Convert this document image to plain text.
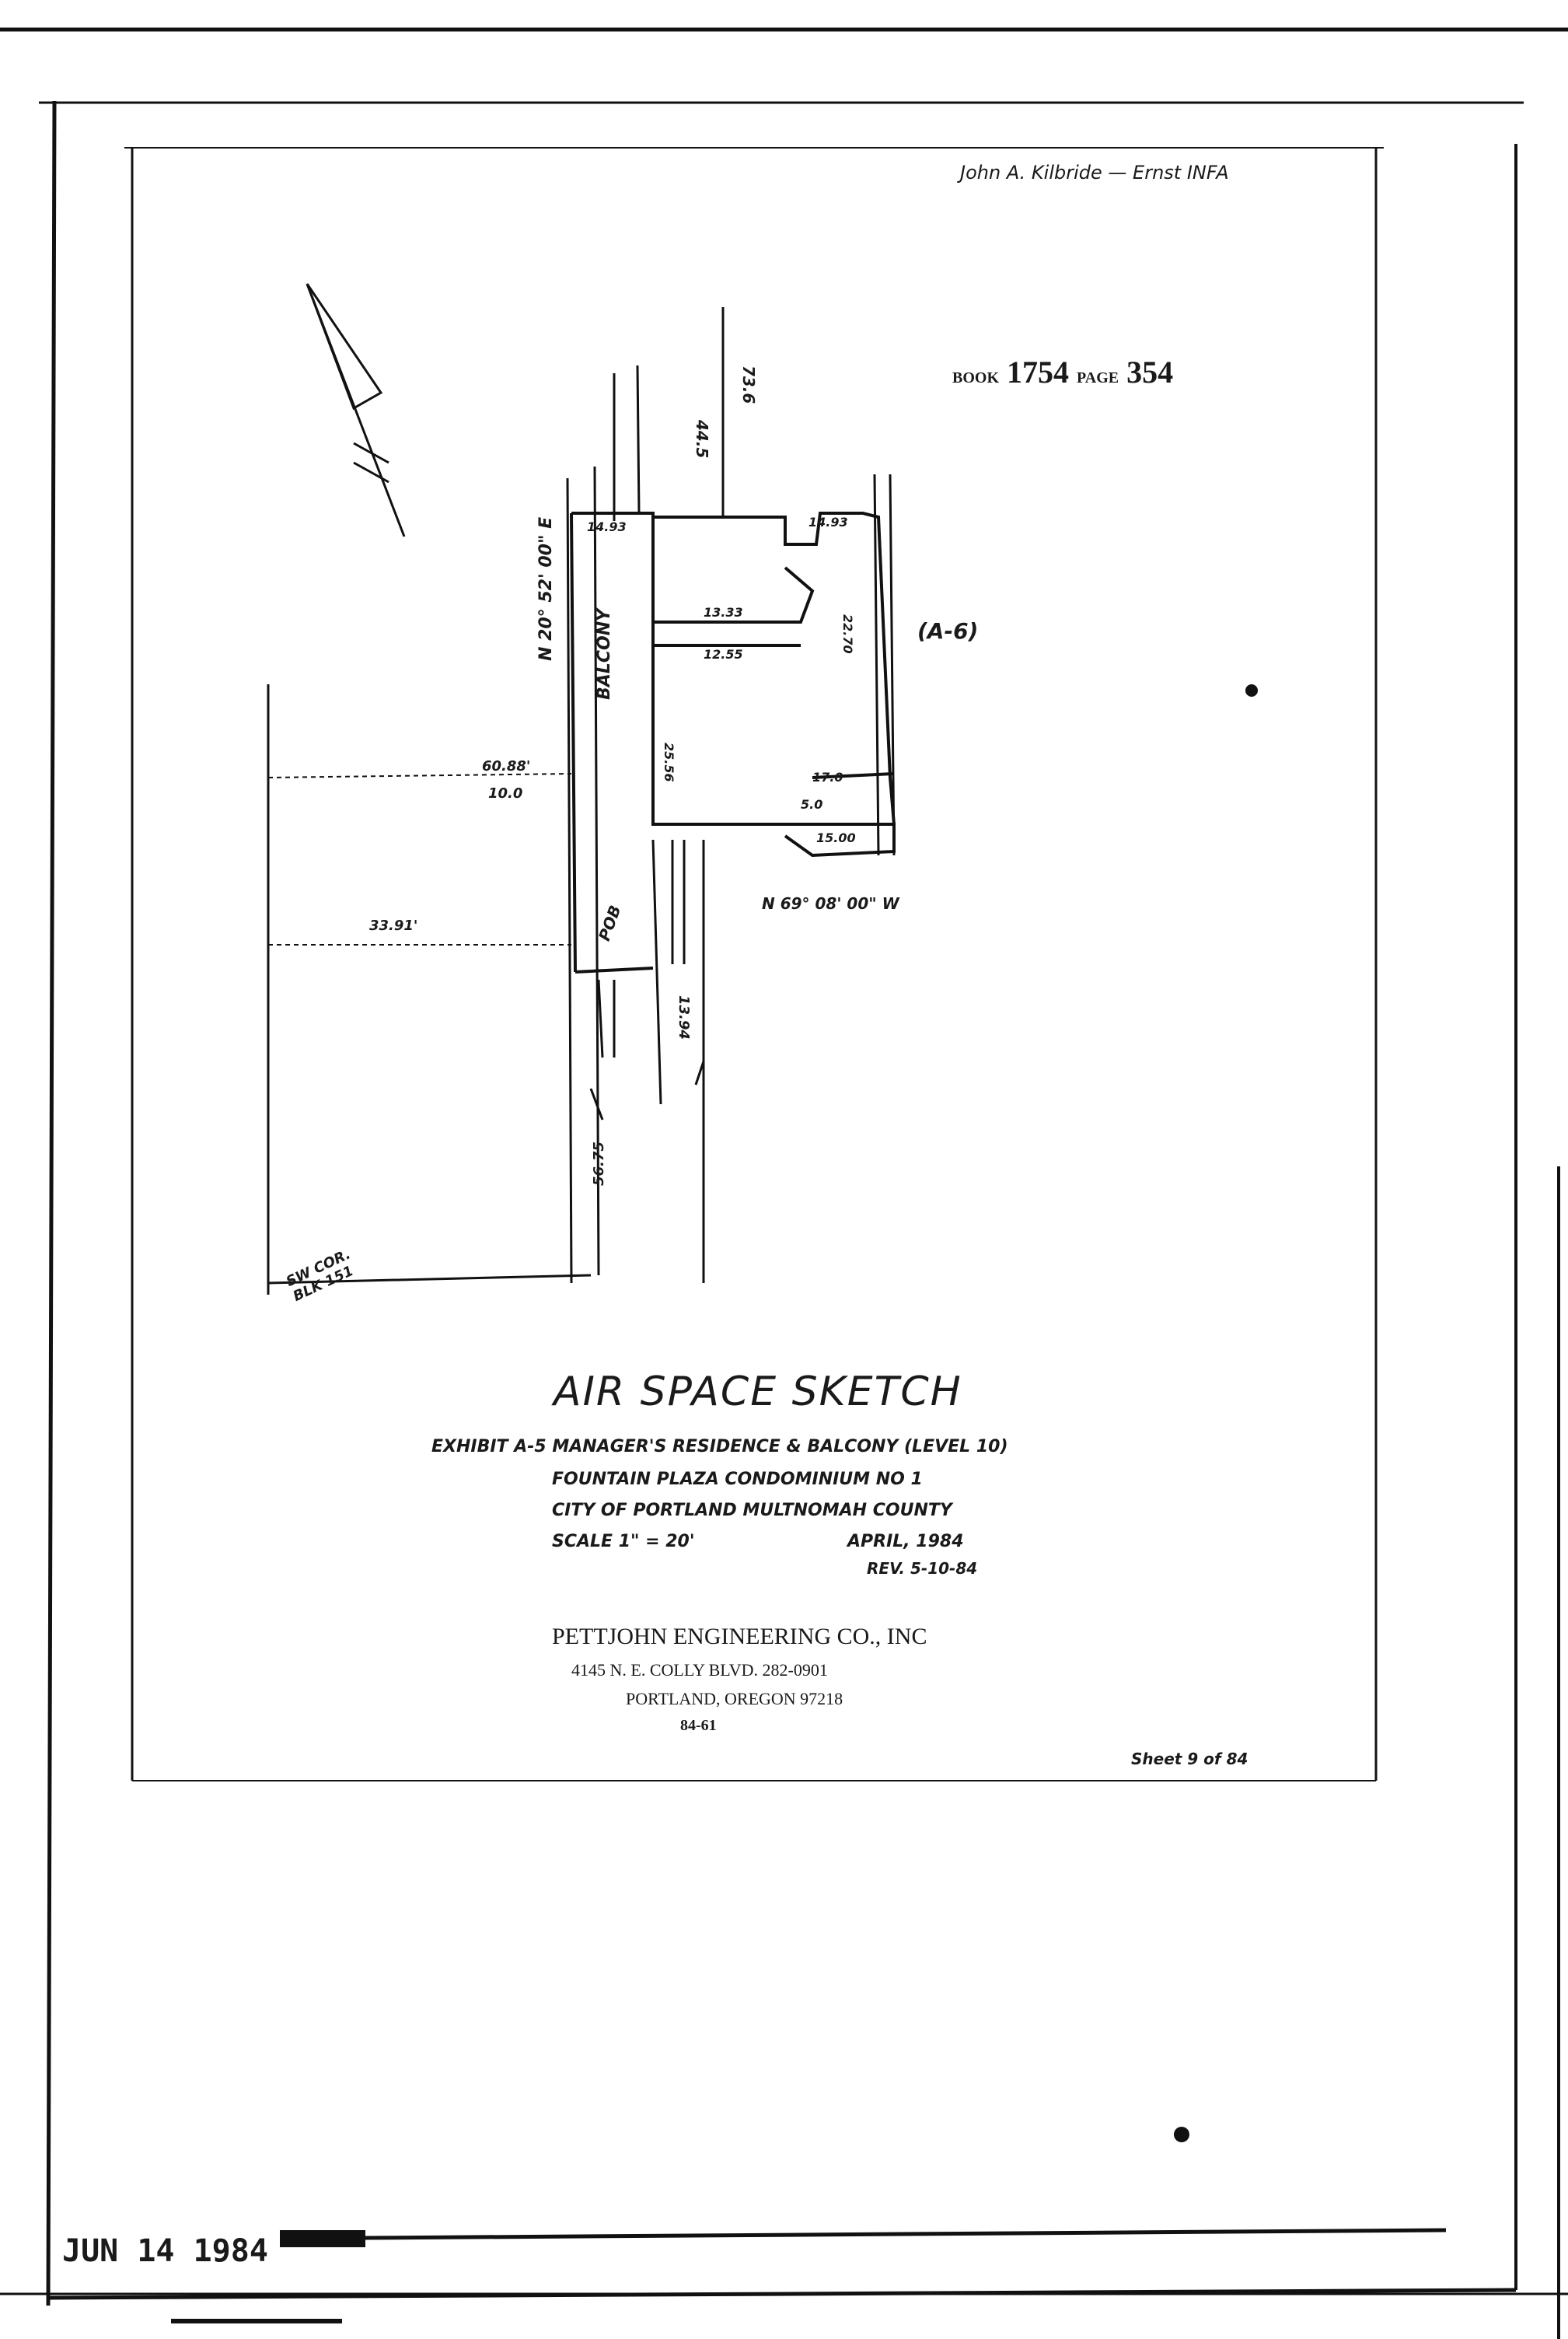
John A. Kilbride — Ernst INFA
BOOK 1754 PAGE 354
(A-6)
BALCONY
N 20° 52' 00" E
N 69° 08' 00" W
POB
SW COR. BLK 151
44.5
73.6
60.88'
10.0
33.91'
13.94
56.75
14.93	14.93
13.33
12.55
22.70
25.56	17.0
15.00
5.0
AIR SPACE SKETCH
EXHIBIT A-5 MANAGER'S RESIDENCE & BALCONY (LEVEL 10)
FOUNTAIN PLAZA CONDOMINIUM NO 1
CITY OF PORTLAND MULTNOMAH COUNTY
SCALE 1" = 20'	APRIL, 1984
REV. 5-10-84
PETTJOHN ENGINEERING CO., INC
4145 N. E. COLLY BLVD. 282-0901
PORTLAND, OREGON 97218
84-61
Sheet 9 of 84
JUN 14 1984
